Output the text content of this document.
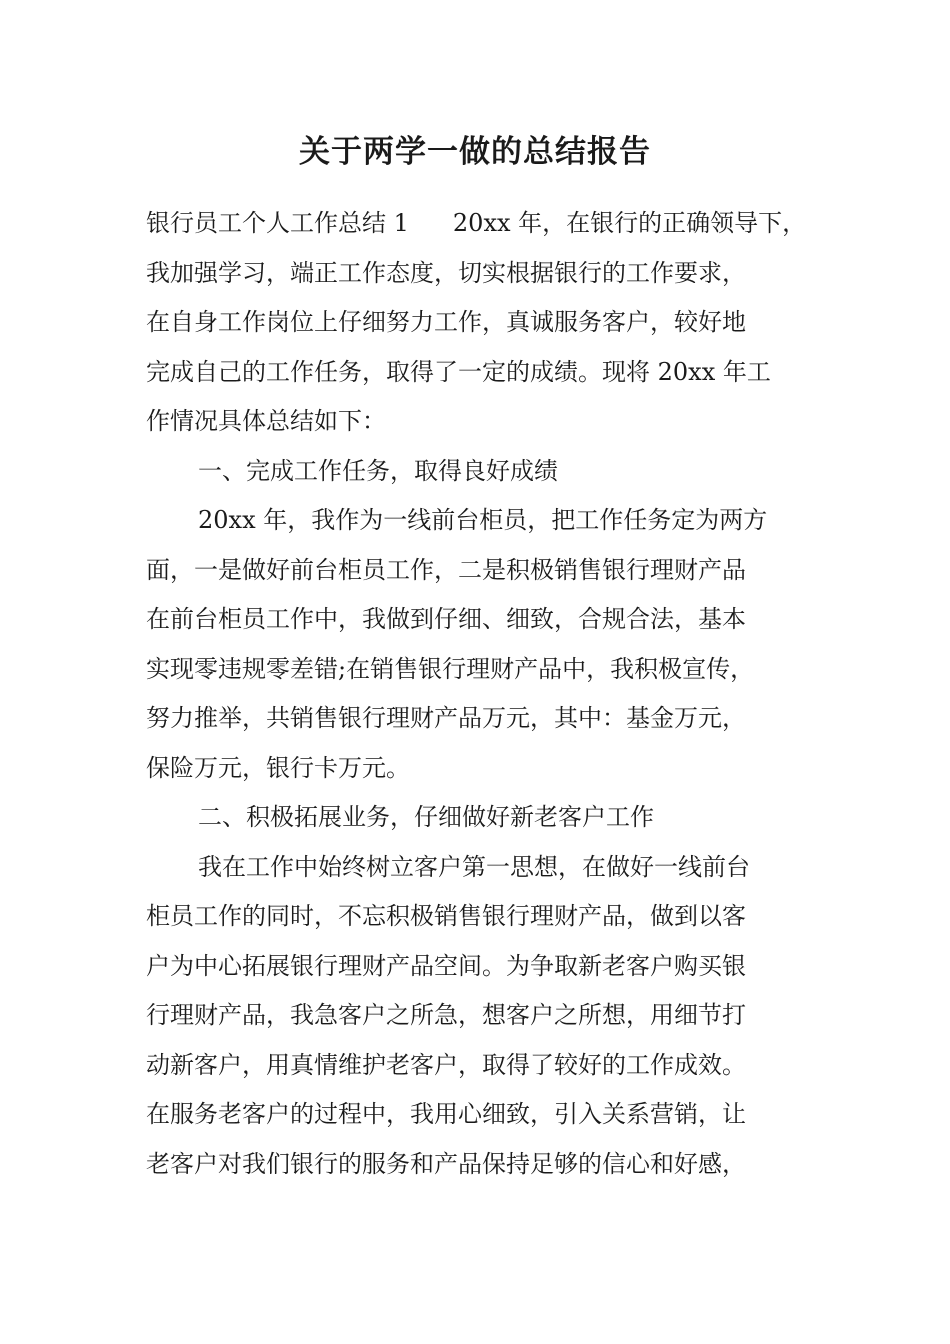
关于两学一做的总结报告

银行员工个人工作总结 1 20xx 年，在银行的正确领导下，

我加强学习，端正工作态度，切实根据银行的工作要求，

在自身工作岗位上仔细努力工作，真诚服务客户，较好地

完成自己的工作任务，取得了一定的成绩。现将 20xx 年工

作情况具体总结如下：

一、完成工作任务，取得良好成绩

20xx 年，我作为一线前台柜员，把工作任务定为两方

面，一是做好前台柜员工作，二是积极销售银行理财产品

在前台柜员工作中，我做到仔细、细致，合规合法，基本

实现零违规零差错;在销售银行理财产品中，我积极宣传，

努力推举，共销售银行理财产品万元，其中：基金万元，

保险万元，银行卡万元。

二、积极拓展业务，仔细做好新老客户工作

我在工作中始终树立客户第一思想，在做好一线前台

柜员工作的同时，不忘积极销售银行理财产品，做到以客

户为中心拓展银行理财产品空间。为争取新老客户购买银

行理财产品，我急客户之所急，想客户之所想，用细节打

动新客户，用真情维护老客户，取得了较好的工作成效。

在服务老客户的过程中，我用心细致，引入关系营销，让

老客户对我们银行的服务和产品保持足够的信心和好感，
